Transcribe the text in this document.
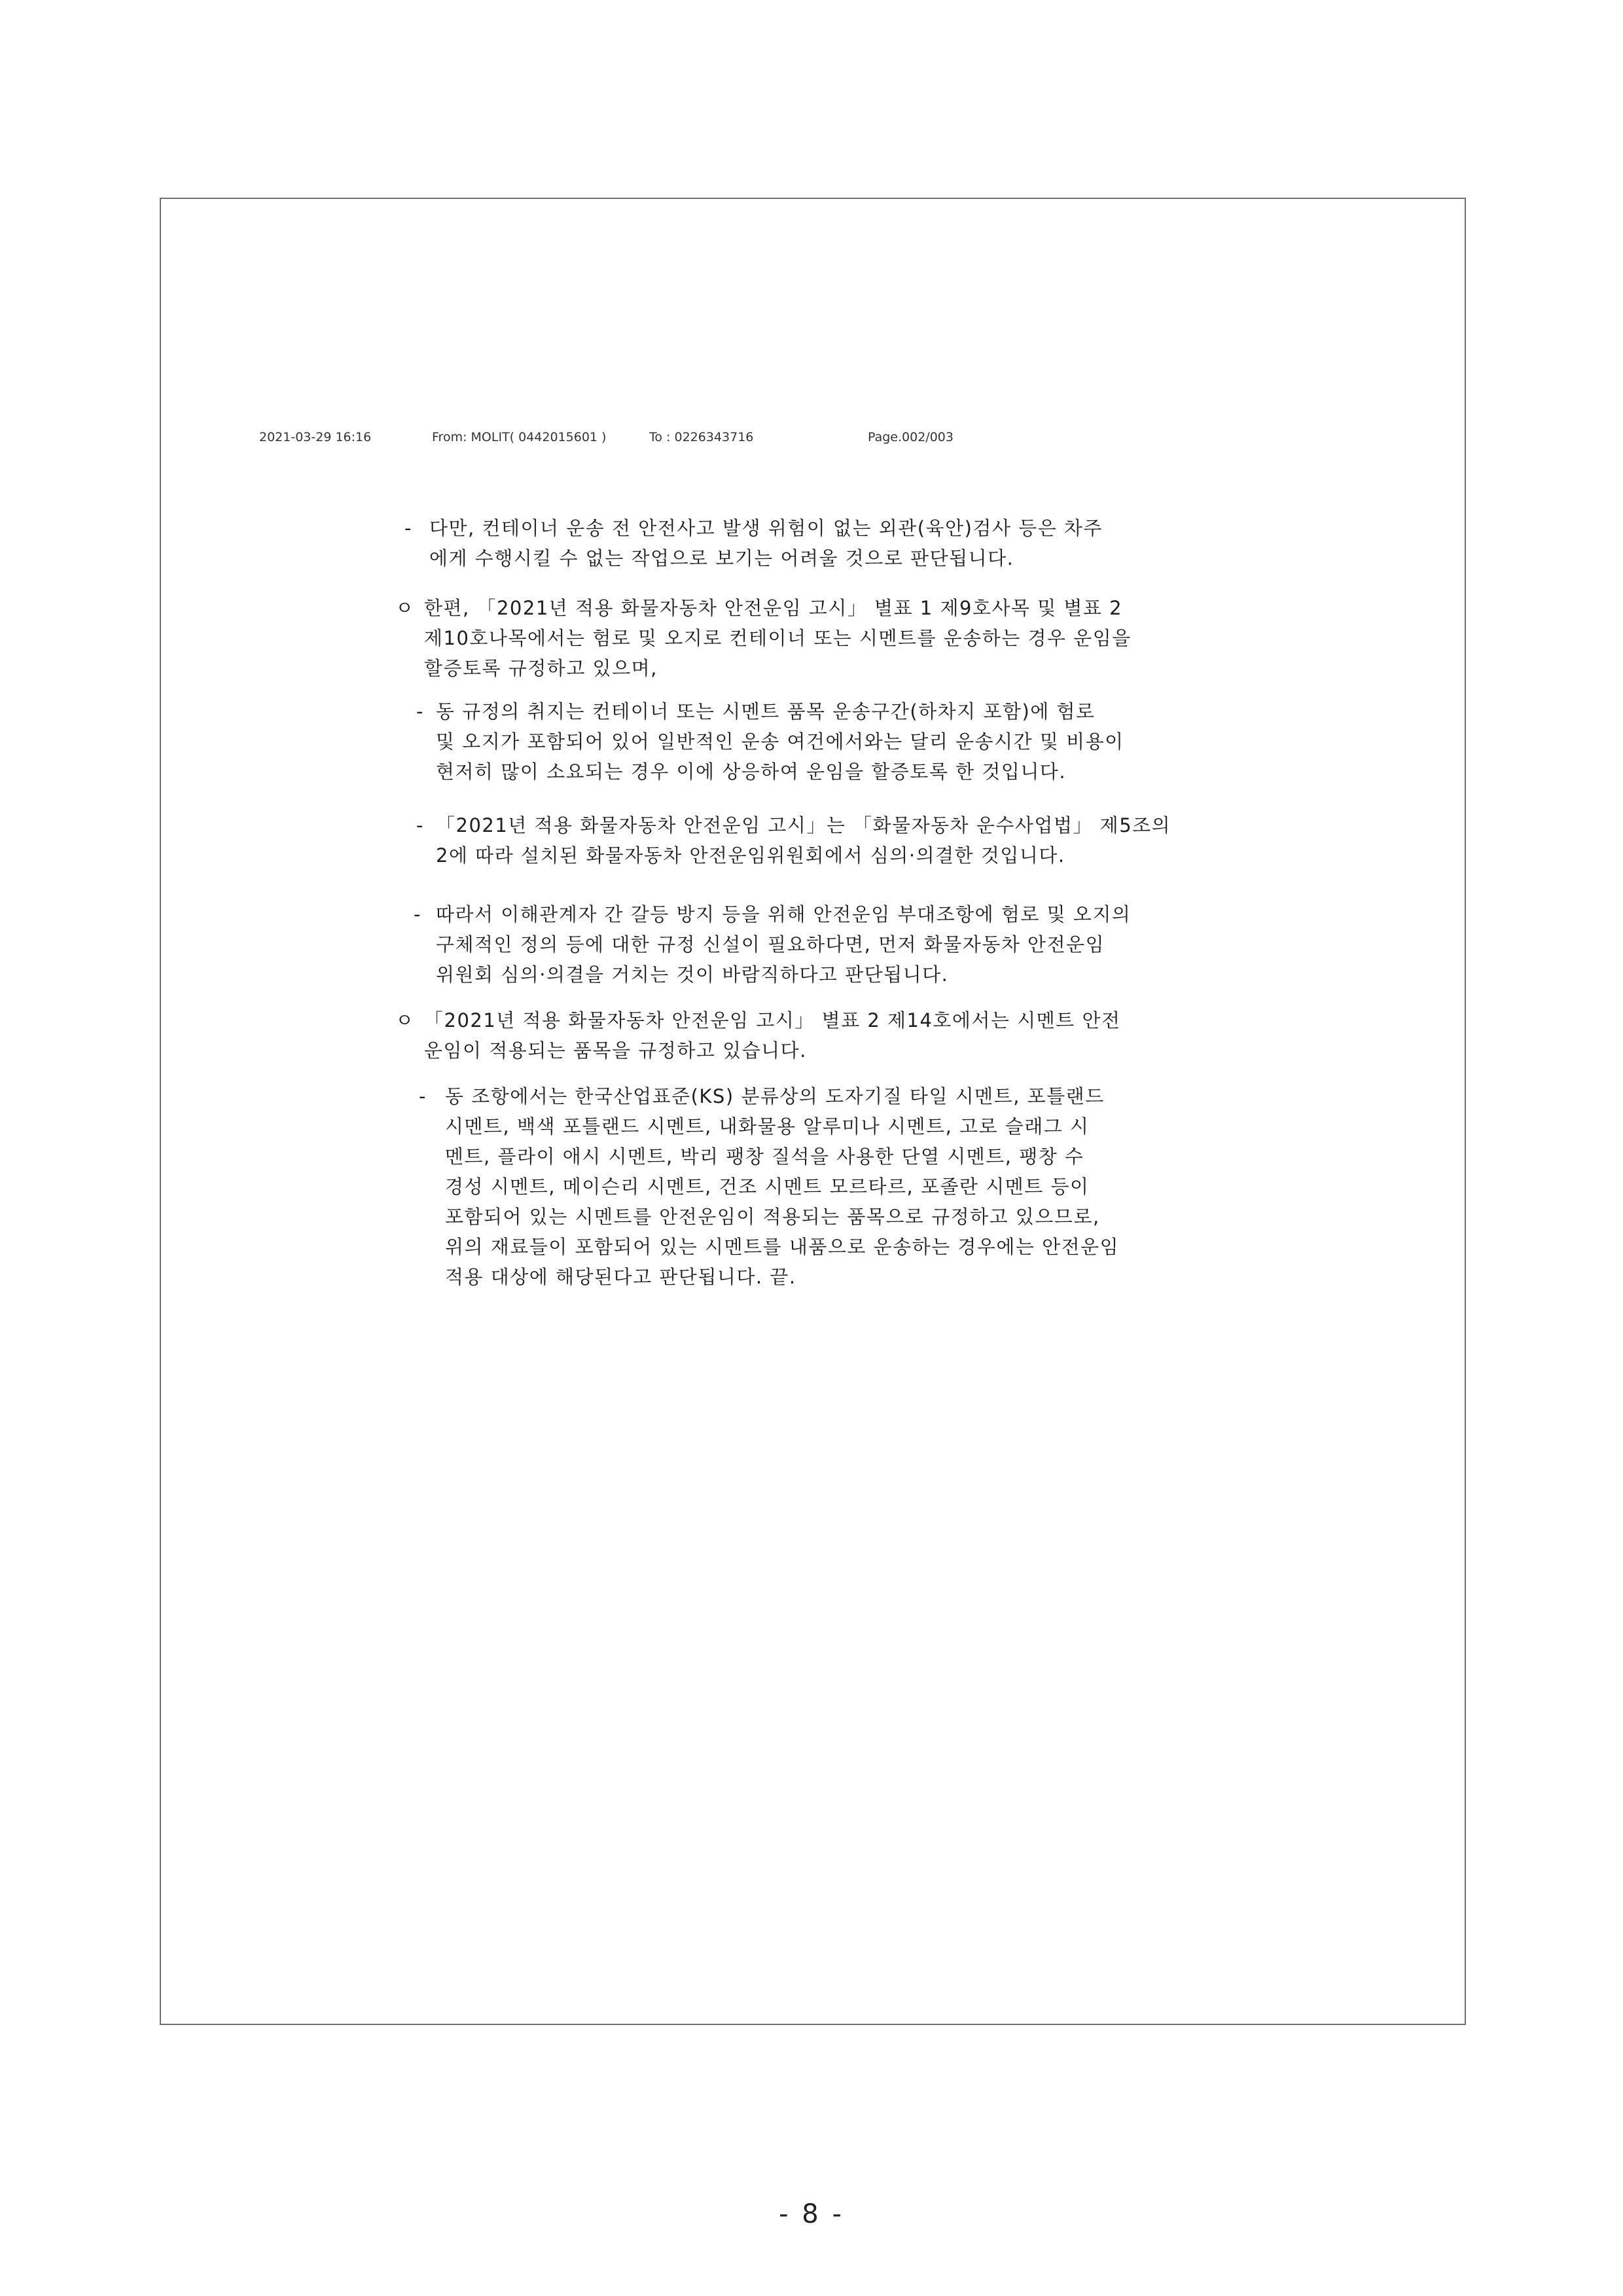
2021-03-29 16:16	From: MOLIT( 0442015601 )	To : 0226343716	Page.002/003
- 다만, 컨테이너 운송 전 안전사고 발생 위험이 없는 외관(육안)검사 등은 차주
에게 수행시킬 수 없는 작업으로 보기는 어려울 것으로 판단됩니다.
ㅇ 한편, 「2021년 적용 화물자동차 안전운임 고시」 별표 1 제9호사목 및 별표 2
제10호나목에서는 험로 및 오지로 컨테이너 또는 시멘트를 운송하는 경우 운임을
할증토록 규정하고 있으며,
- 동 규정의 취지는 컨테이너 또는 시멘트 품목 운송구간(하차지 포함)에 험로
및 오지가 포함되어 있어 일반적인 운송 여건에서와는 달리 운송시간 및 비용이
현저히 많이 소요되는 경우 이에 상응하여 운임을 할증토록 한 것입니다.
- 「2021년 적용 화물자동차 안전운임 고시」는 「화물자동차 운수사업법」 제5조의
2에 따라 설치된 화물자동차 안전운임위원회에서 심의·의결한 것입니다.
- 따라서 이해관계자 간 갈등 방지 등을 위해 안전운임 부대조항에 험로 및 오지의
구체적인 정의 등에 대한 규정 신설이 필요하다면, 먼저 화물자동차 안전운임
위원회 심의·의결을 거치는 것이 바람직하다고 판단됩니다.
ㅇ 「2021년 적용 화물자동차 안전운임 고시」 별표 2 제14호에서는 시멘트 안전
운임이 적용되는 품목을 규정하고 있습니다.
- 동 조항에서는 한국산업표준(KS) 분류상의 도자기질 타일 시멘트, 포틀랜드
시멘트, 백색 포틀랜드 시멘트, 내화물용 알루미나 시멘트, 고로 슬래그 시
멘트, 플라이 애시 시멘트, 박리 팽창 질석을 사용한 단열 시멘트, 팽창 수
경성 시멘트, 메이슨리 시멘트, 건조 시멘트 모르타르, 포졸란 시멘트 등이
포함되어 있는 시멘트를 안전운임이 적용되는 품목으로 규정하고 있으므로,
위의 재료들이 포함되어 있는 시멘트를 내품으로 운송하는 경우에는 안전운임
적용 대상에 해당된다고 판단됩니다. 끝.
- 8 -
